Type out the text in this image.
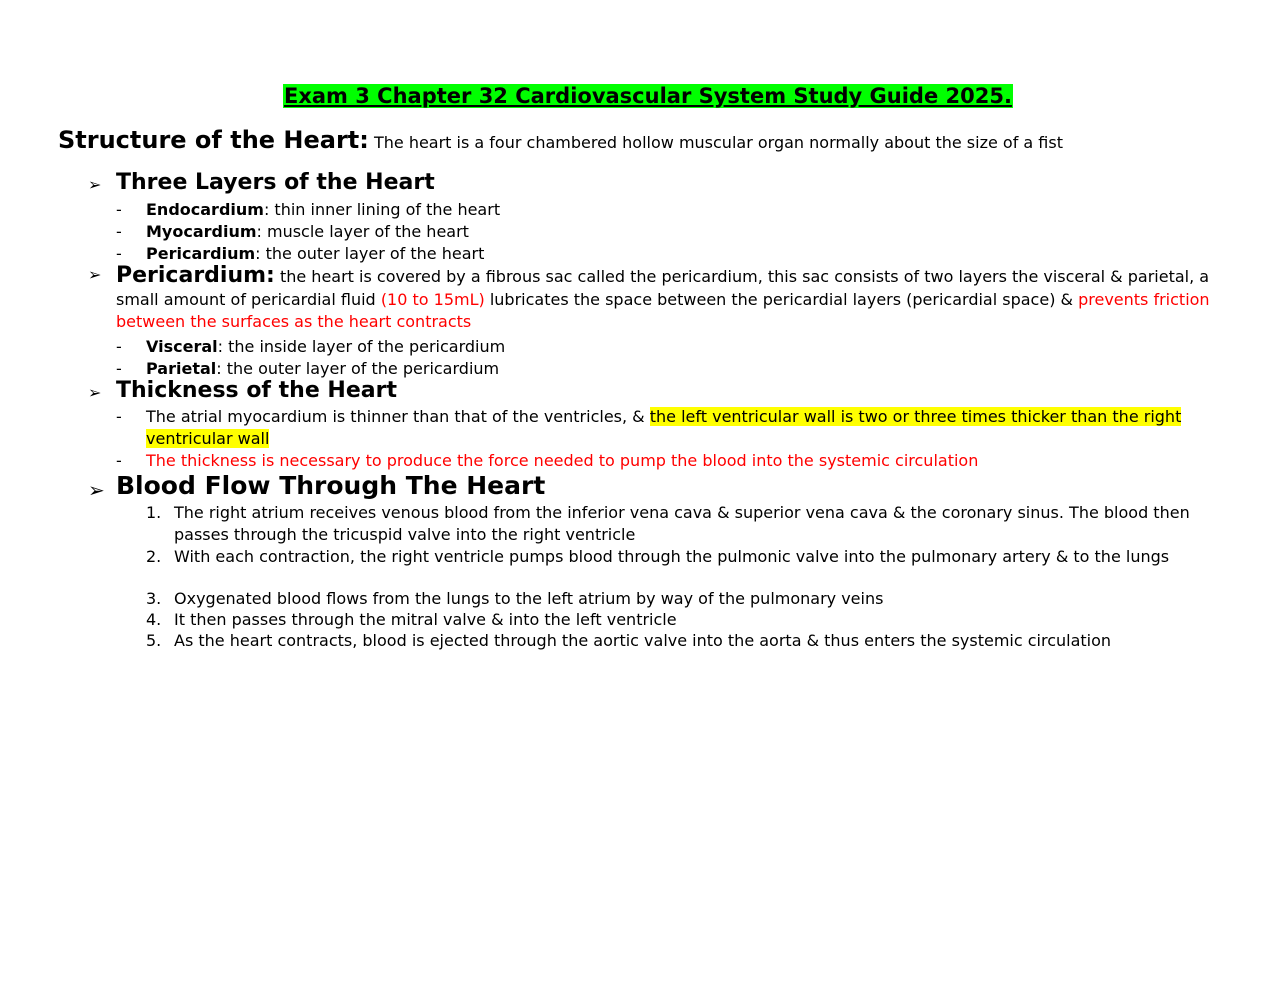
Exam 3 Chapter 32 Cardiovascular System Study Guide 2025.
Structure of the Heart: The heart is a four chambered hollow muscular organ normally about the size of a fist
➢ Three Layers of the Heart
- Endocardium: thin inner lining of the heart
- Myocardium: muscle layer of the heart
- Pericardium: the outer layer of the heart
➢ Pericardium: the heart is covered by a fibrous sac called the pericardium, this sac consists of two layers the visceral & parietal, a small amount of pericardial fluid (10 to 15mL) lubricates the space between the pericardial layers (pericardial space) & prevents friction between the surfaces as the heart contracts
- Visceral: the inside layer of the pericardium
- Parietal: the outer layer of the pericardium
➢ Thickness of the Heart
-	The atrial myocardium is thinner than that of the ventricles, & the left ventricular wall is two or three times thicker than the right ventricular wall
- The thickness is necessary to produce the force needed to pump the blood into the systemic circulation
➢ Blood Flow Through The Heart
1. The right atrium receives venous blood from the inferior vena cava & superior vena cava & the coronary sinus. The blood then passes through the tricuspid valve into the right ventricle
2. With each contraction, the right ventricle pumps blood through the pulmonic valve into the pulmonary artery & to the lungs
3. Oxygenated blood flows from the lungs to the left atrium by way of the pulmonary veins
4. It then passes through the mitral valve & into the left ventricle
5. As the heart contracts, blood is ejected through the aortic valve into the aorta & thus enters the systemic circulation
